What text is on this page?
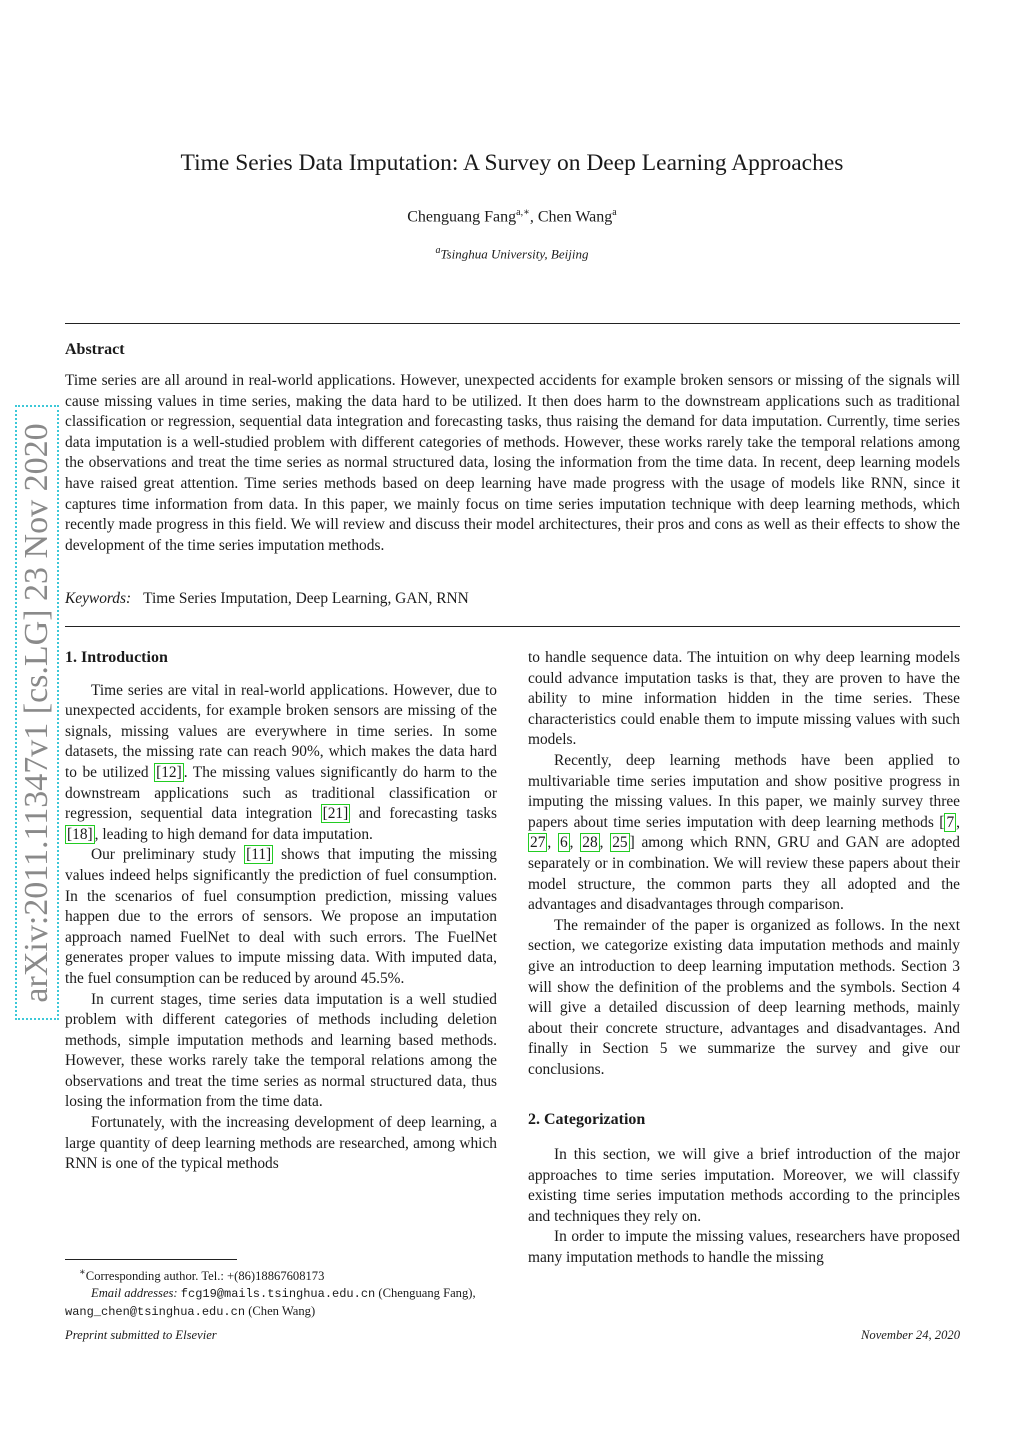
Time Series Data Imputation: A Survey on Deep Learning Approaches
Chenguang Fang$^{a,∗}$, Chen Wang$^a$
$^a$Tsinghua University, Beijing
Abstract
Time series are all around in real-world applications. However, unexpected accidents for example broken sensors or missing of the signals will cause missing values in time series, making the data hard to be utilized. It then does harm to the downstream applications such as traditional classification or regression, sequential data integration and forecasting tasks, thus raising the demand for data imputation. Currently, time series data imputation is a well-studied problem with different categories of methods. However, these works rarely take the temporal relations among the observations and treat the time series as normal structured data, losing the information from the time data. In recent, deep learning models have raised great attention. Time series methods based on deep learning have made progress with the usage of models like RNN, since it captures time information from data. In this paper, we mainly focus on time series imputation technique with deep learning methods, which recently made progress in this field. We will review and discuss their model architectures, their pros and cons as well as their effects to show the development of the time series imputation methods.
Keywords: Time Series Imputation, Deep Learning, GAN, RNN
arXiv:2011.11347v1 [cs.LG] 23 Nov 2020 1. Introduction

Time series are vital in real-world applications. However, due to unexpected accidents, for example broken sensors are missing of the signals, missing values are everywhere in time series. In some datasets, the missing rate can reach 90%, which makes the data hard to be utilized [12] . The missing values significantly do harm to the downstream applications such as traditional classification or regression, sequential data integration [21] and forecasting tasks [18] , leading to high demand for data imputation.

Our preliminary study [11] shows that imputing the missing values indeed helps significantly the prediction of fuel consumption. In the scenarios of fuel consumption prediction, missing values happen due to the errors of sensors. We propose an imputation approach named FuelNet to deal with such errors. The FuelNet generates proper values to impute missing data. With imputed data, the fuel consumption can be reduced by around 45.5%.

In current stages, time series data imputation is a well studied problem with different categories of methods including deletion methods, simple imputation methods and learning based methods. However, these works rarely take the temporal relations among the observations and treat the time series as normal structured data, thus losing the information from the time data.

Fortunately, with the increasing development of deep learning, a large quantity of deep learning methods are researched, among which RNN is one of the typical methods

to handle sequence data. The intuition on why deep learning models could advance imputation tasks is that, they are proven to have the ability to mine information hidden in the time series. These characteristics could enable them to impute missing values with such models.

Recently, deep learning methods have been applied to multivariable time series imputation and show positive progress in imputing the missing values. In this paper, we mainly survey three papers about time series imputation with deep learning methods [ 7 , 27 , 6 , 28 , 25 ] among which RNN, GRU and GAN are adopted separately or in combination. We will review these papers about their model structure, the common parts they all adopted and the advantages and disadvantages through comparison.

The remainder of the paper is organized as follows. In the next section, we categorize existing data imputation methods and mainly give an introduction to deep learning imputation methods. Section 3 will show the definition of the problems and the symbols. Section 4 will give a detailed discussion of deep learning methods, mainly about their concrete structure, advantages and disadvantages. And finally in Section 5 we summarize the survey and give our conclusions.

2. Categorization

In this section, we will give a brief introduction of the major approaches to time series imputation. Moreover, we will classify existing time series imputation methods according to the principles and techniques they rely on.

In order to impute the missing values, researchers have proposed many imputation methods to handle the missing

∗Corresponding author. Tel.: +(86)18867608173
Email addresses: fcg19@mails.tsinghua.edu.cn (Chenguang Fang), wang_chen@tsinghua.edu.cn (Chen Wang)
Preprint submitted to Elsevier	November 24, 2020
